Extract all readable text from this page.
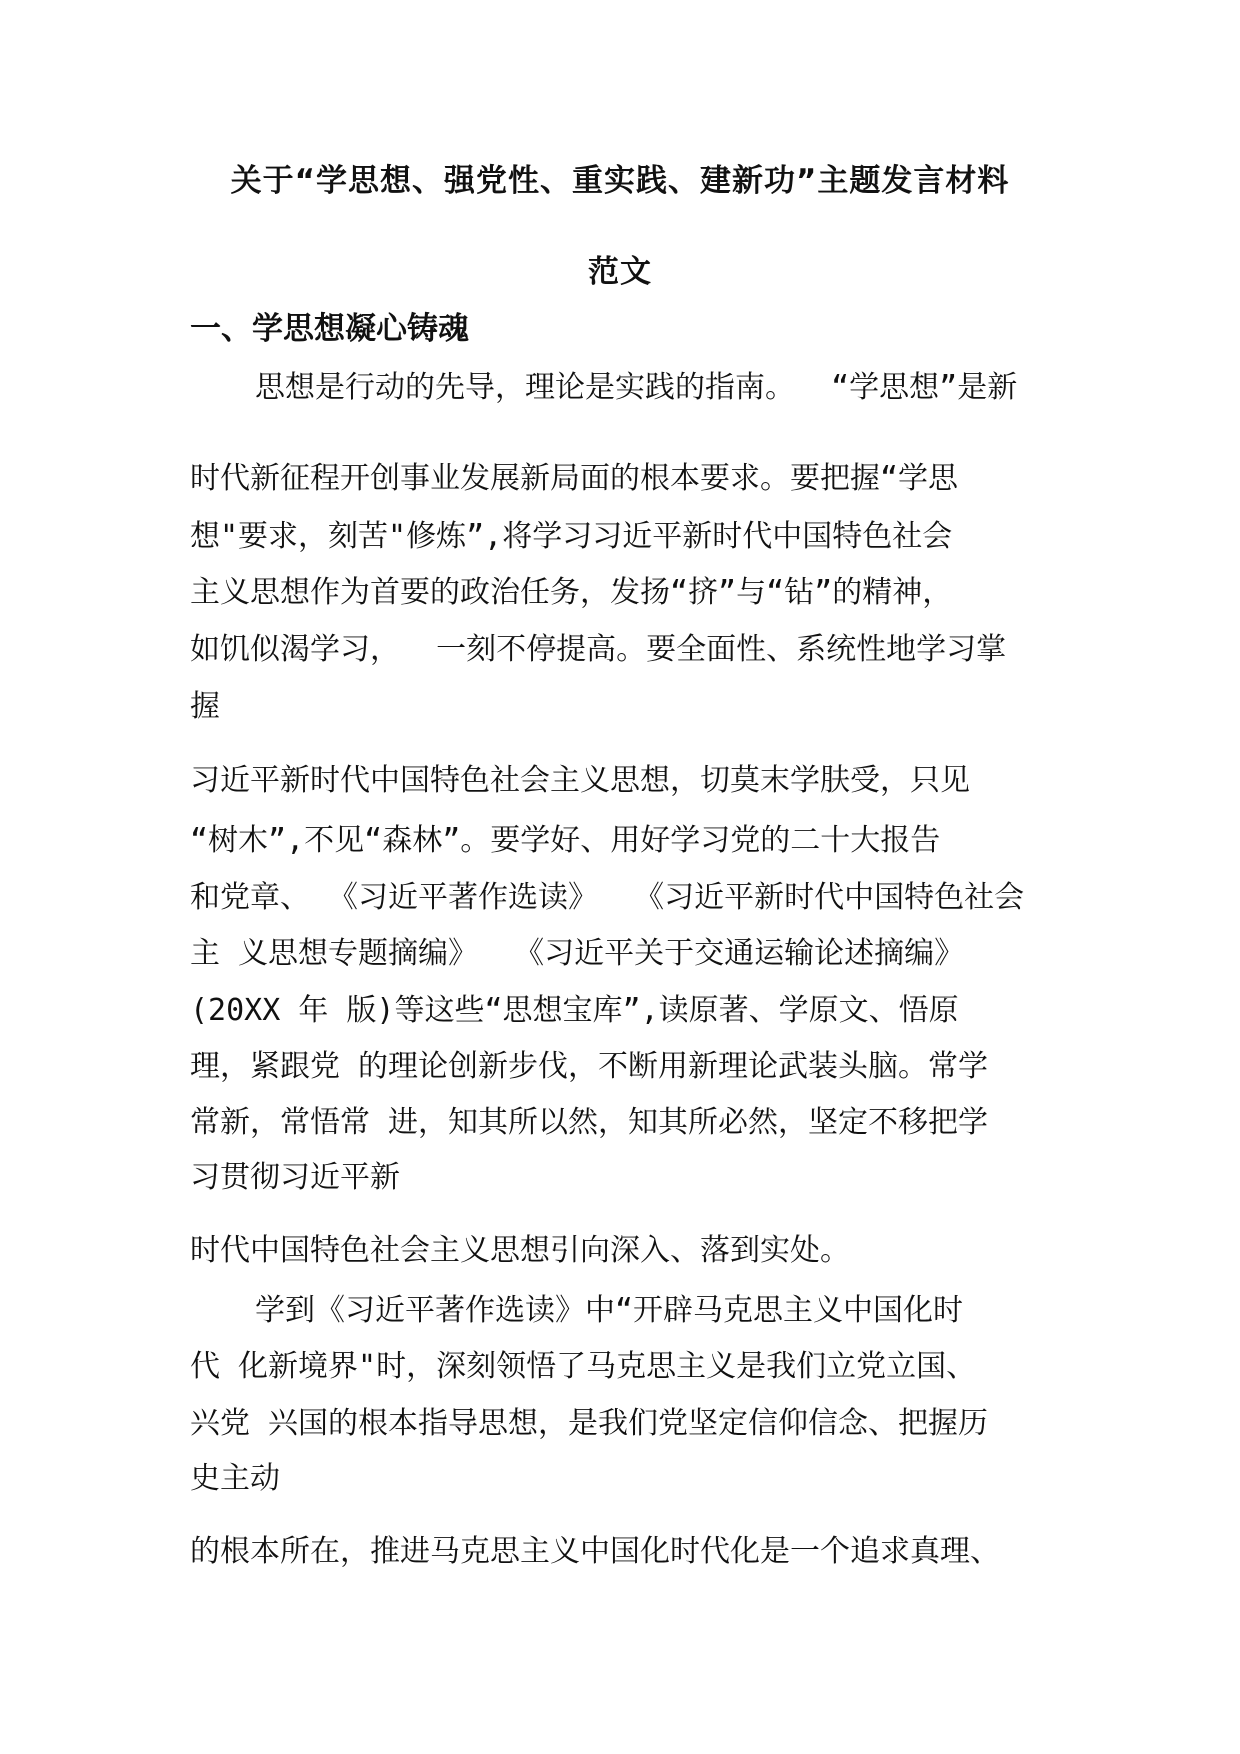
关于“学思想、强党性、重实践、建新功”主题发言材料
范文
一、学思想凝心铸魂

思想是行动的先导，理论是实践的指南。  “学思想”是新

时代新征程开创事业发展新局面的根本要求。要把握“学思

想"要求，刻苦"修炼”,将学习习近平新时代中国特色社会

主义思想作为首要的政治任务，发扬“挤”与“钻”的精神，

如饥似渴学习，  一刻不停提高。要全面性、系统性地学习掌

握

习近平新时代中国特色社会主义思想，切莫末学肤受，只见

“树木”,不见“森林”。要学好、用好学习党的二十大报告

和党章、 《习近平著作选读》  《习近平新时代中国特色社会

主 义思想专题摘编》  《习近平关于交通运输论述摘编》

(20XX 年 版)等这些“思想宝库”,读原著、学原文、悟原

理，紧跟党 的理论创新步伐，不断用新理论武装头脑。常学

常新，常悟常 进，知其所以然，知其所必然，坚定不移把学

习贯彻习近平新

时代中国特色社会主义思想引向深入、落到实处。

学到《习近平著作选读》中“开辟马克思主义中国化时

代 化新境界"时，深刻领悟了马克思主义是我们立党立国、

兴党 兴国的根本指导思想，是我们党坚定信仰信念、把握历

史主动

的根本所在，推进马克思主义中国化时代化是一个追求真理、
